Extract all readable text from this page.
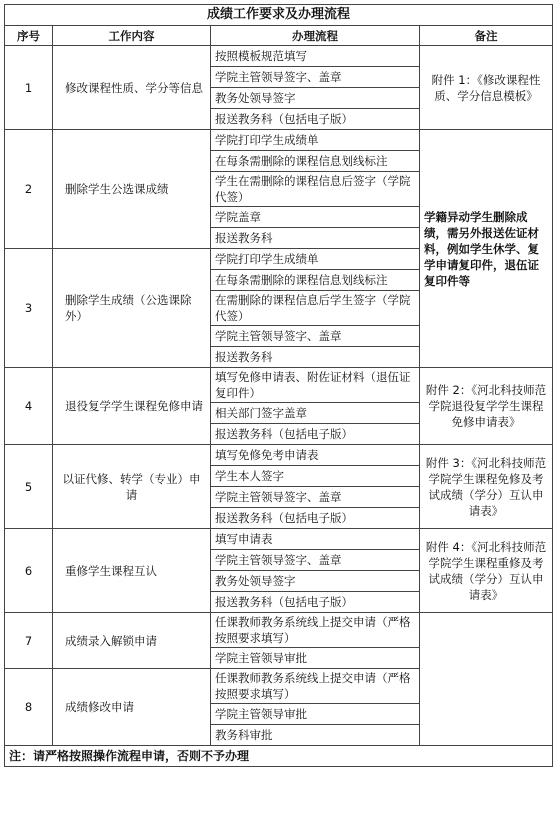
成绩工作要求及办理流程			
序号	工作内容	办理流程	备注
1	修改课程性质、学分等信息	按照模板规范填写	附件 1：《修改课程性质、学分信息模板》
		学院主管领导签字、盖章	
		教务处领导签字	
		报送教务科（包括电子版）	
2	删除学生公选课成绩	学院打印学生成绩单	学籍异动学生删除成绩，需另外报送佐证材料，例如学生休学、复学申请复印件，退伍证复印件等
		在每条需删除的课程信息划线标注	
		学生在需删除的课程信息后签字（学院代签）	
		学院盖章	
		报送教务科	
3	删除学生成绩（公选课除外）	学院打印学生成绩单	
		在每条需删除的课程信息划线标注	
		在需删除的课程信息后学生签字（学院代签）	
		学院主管领导签字、盖章	
		报送教务科	
4	退役复学学生课程免修申请	填写免修申请表、附佐证材料（退伍证复印件）	附件 2：《河北科技师范学院退役复学学生课程免修申请表》
		相关部门签字盖章	
		报送教务科（包括电子版）	
5	以证代修、转学（专业）申请	填写免修免考申请表	附件 3：《河北科技师范学院学生课程免修及考试成绩（学分）互认申请表》
		学生本人签字	
		学院主管领导签字、盖章	
		报送教务科（包括电子版）	
6	重修学生课程互认	填写申请表	附件 4：《河北科技师范学院学生课程重修及考试成绩（学分）互认申请表》
		学院主管领导签字、盖章	
		教务处领导签字	
		报送教务科（包括电子版）	
7	成绩录入解锁申请	任课教师教务系统线上提交申请（严格按照要求填写）	
		学院主管领导审批	
8	成绩修改申请	任课教师教务系统线上提交申请（严格按照要求填写）	
		学院主管领导审批	
		教务科审批	
注：请严格按照操作流程申请，否则不予办理			
